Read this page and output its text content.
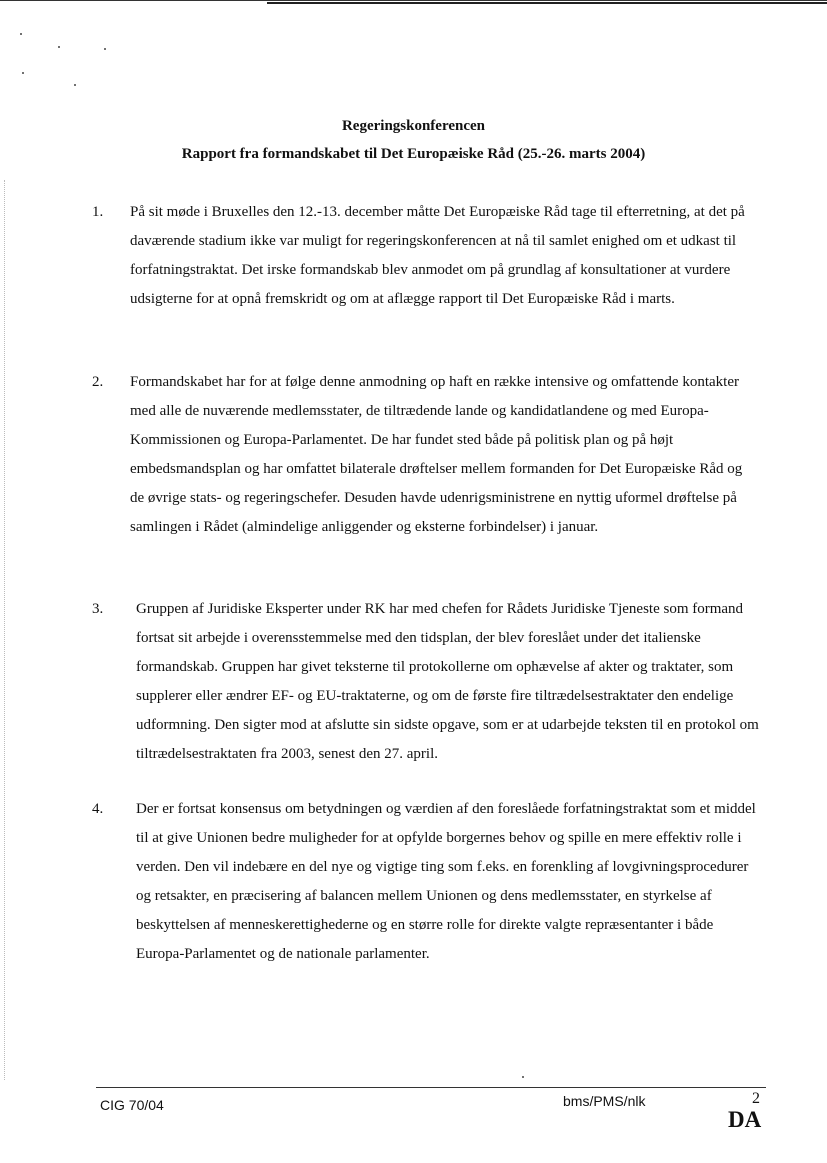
Regeringskonferencen
Rapport fra formandskabet til Det Europæiske Råd (25.-26. marts 2004)
1. På sit møde i Bruxelles den 12.-13. december måtte Det Europæiske Råd tage til efterretning, at det på daværende stadium ikke var muligt for regeringskonferencen at nå til samlet enighed om et udkast til forfatningstraktat. Det irske formandskab blev anmodet om på grundlag af konsultationer at vurdere udsigterne for at opnå fremskridt og om at aflægge rapport til Det Europæiske Råd i marts.

2. Formandskabet har for at følge denne anmodning op haft en række intensive og omfattende kontakter med alle de nuværende medlemsstater, de tiltrædende lande og kandidatlandene og med Europa-Kommissionen og Europa-Parlamentet. De har fundet sted både på politisk plan og på højt embedsmandsplan og har omfattet bilaterale drøftelser mellem formanden for Det Europæiske Råd og de øvrige stats- og regeringschefer. Desuden havde udenrigsministrene en nyttig uformel drøftelse på samlingen i Rådet (almindelige anliggender og eksterne forbindelser) i januar.

3. Gruppen af Juridiske Eksperter under RK har med chefen for Rådets Juridiske Tjeneste som formand fortsat sit arbejde i overensstemmelse med den tidsplan, der blev foreslået under det italienske formandskab. Gruppen har givet teksterne til protokollerne om ophævelse af akter og traktater, som supplerer eller ændrer EF- og EU-traktaterne, og om de første fire tiltrædelsestraktater den endelige udformning. Den sigter mod at afslutte sin sidste opgave, som er at udarbejde teksten til en protokol om tiltrædelsestraktaten fra 2003, senest den 27. april.

4. Der er fortsat konsensus om betydningen og værdien af den foreslåede forfatningstraktat som et middel til at give Unionen bedre muligheder for at opfylde borgernes behov og spille en mere effektiv rolle i verden. Den vil indebære en del nye og vigtige ting som f.eks. en forenkling af lovgivningsprocedurer og retsakter, en præcisering af balancen mellem Unionen og dens medlemsstater, en styrkelse af beskyttelsen af menneskerettighederne og en større rolle for direkte valgte repræsentanter i både Europa-Parlamentet og de nationale parlamenter.

CIG 70/04	bms/PMS/nlk	2
DA
